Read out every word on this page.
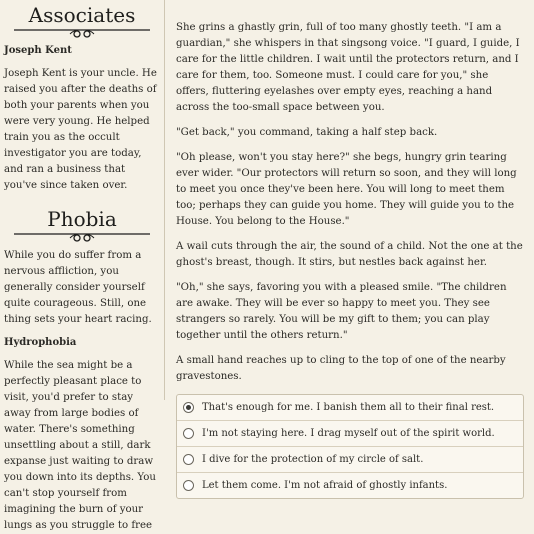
Associates
Joseph Kent
Joseph Kent is your uncle. He raised you after the deaths of both your parents when you were very young. He helped train you as the occult investigator you are today, and ran a business that you've since taken over.
Phobia
While you do suffer from a nervous affliction, you generally consider yourself quite courageous. Still, one thing sets your heart racing.
Hydrophobia
While the sea might be a perfectly pleasant place to visit, you'd prefer to stay away from large bodies of water. There's something unsettling about a still, dark expanse just waiting to draw you down into its depths. You can't stop yourself from imagining the burn of your lungs as you struggle to free

She grins a ghastly grin, full of too many ghostly teeth. "I am a guardian," she whispers in that singsong voice. "I guard, I guide, I care for the little children. I wait until the protectors return, and I care for them, too. Someone must. I could care for you," she offers, fluttering eyelashes over empty eyes, reaching a hand across the too-small space between you.

"Get back," you command, taking a half step back.

"Oh please, won't you stay here?" she begs, hungry grin tearing ever wider. "Our protectors will return so soon, and they will long to meet you once they've been here. You will long to meet them too; perhaps they can guide you home. They will guide you to the House. You belong to the House."

A wail cuts through the air, the sound of a child. Not the one at the ghost's breast, though. It stirs, but nestles back against her.

"Oh," she says, favoring you with a pleased smile. "The children are awake. They will be ever so happy to meet you. They see strangers so rarely. You will be my gift to them; you can play together until the others return."

A small hand reaches up to cling to the top of one of the nearby gravestones.

That's enough for me. I banish them all to their final rest.
I'm not staying here. I drag myself out of the spirit world.
I dive for the protection of my circle of salt.
Let them come. I'm not afraid of ghostly infants.
